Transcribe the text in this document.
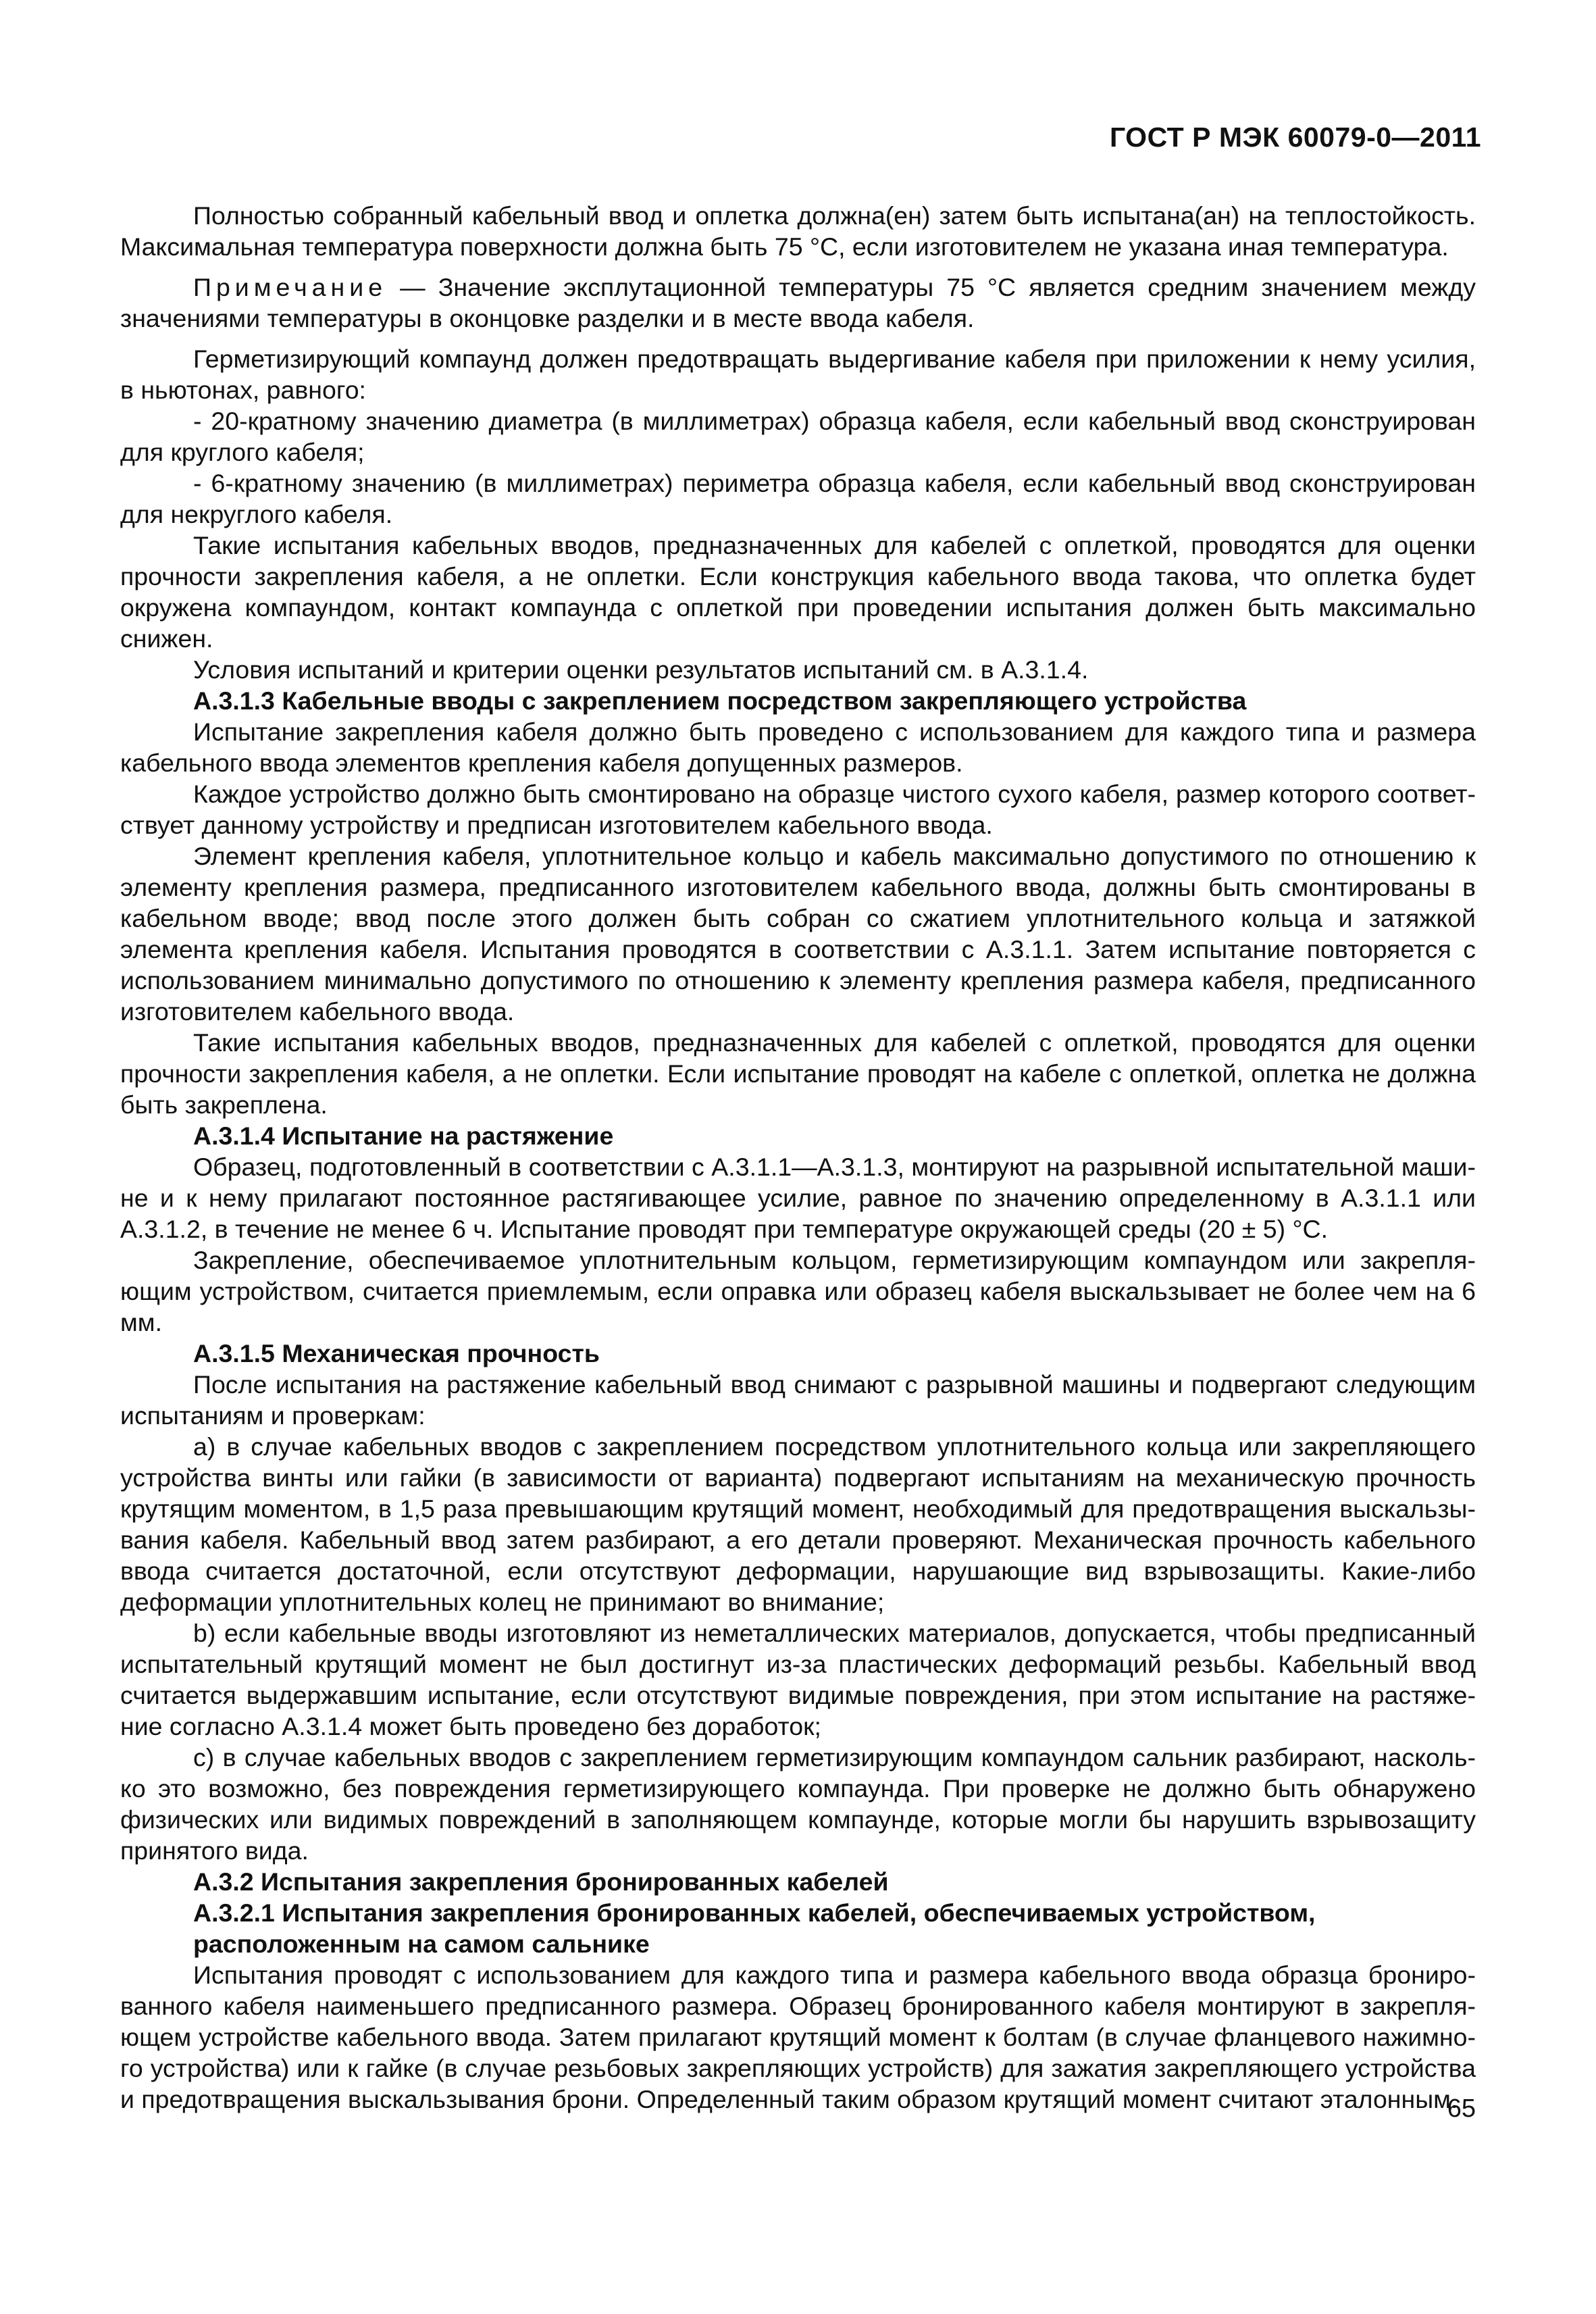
ГОСТ Р МЭК 60079-0—2011

Полностью собранный кабельный ввод и оплетка должна(ен) затем быть испытана(ан) на теплостойкость. Максимальная температура поверхности должна быть 75 °С, если изготовителем не указана иная температура.

Примечание — Значение эксплутационной температуры 75 °С является средним значением между значениями температуры в оконцовке разделки и в месте ввода кабеля.

Герметизирующий компаунд должен предотвращать выдергивание кабеля при приложении к нему усилия, в ньютонах, равного:

- 20-кратному значению диаметра (в миллиметрах) образца кабеля, если кабельный ввод сконструирован для круглого кабеля;

- 6-кратному значению (в миллиметрах) периметра образца кабеля, если кабельный ввод сконструирован для некруглого кабеля.

Такие испытания кабельных вводов, предназначенных для кабелей с оплеткой, проводятся для оценки прочности закрепления кабеля, а не оплетки. Если конструкция кабельного ввода такова, что оплетка будет окружена компаундом, контакт компаунда с оплеткой при проведении испытания должен быть максимально снижен.

Условия испытаний и критерии оценки результатов испытаний см. в А.3.1.4.

А.3.1.3 Кабельные вводы с закреплением посредством закрепляющего устройства

Испытание закрепления кабеля должно быть проведено с использованием для каждого типа и размера кабельного ввода элементов крепления кабеля допущенных размеров.

Каждое устройство должно быть смонтировано на образце чистого сухого кабеля, размер которого соответствует данному устройству и предписан изготовителем кабельного ввода.

Элемент крепления кабеля, уплотнительное кольцо и кабель максимально допустимого по отношению к элементу крепления размера, предписанного изготовителем кабельного ввода, должны быть смонтированы в кабельном вводе; ввод после этого должен быть собран со сжатием уплотнительного кольца и затяжкой элемента крепления кабеля. Испытания проводятся в соответствии с А.3.1.1. Затем испытание повторяется с использованием минимально допустимого по отношению к элементу крепления размера кабеля, предписанного изготовителем кабельного ввода.

Такие испытания кабельных вводов, предназначенных для кабелей с оплеткой, проводятся для оценки прочности закрепления кабеля, а не оплетки. Если испытание проводят на кабеле с оплеткой, оплетка не должна быть закреплена.

А.3.1.4 Испытание на растяжение

Образец, подготовленный в соответствии с А.3.1.1—А.3.1.3, монтируют на разрывной испытательной машине и к нему прилагают постоянное растягивающее усилие, равное по значению определенному в А.3.1.1 или А.3.1.2, в течение не менее 6 ч. Испытание проводят при температуре окружающей среды (20 ± 5) °С.

Закрепление, обеспечиваемое уплотнительным кольцом, герметизирующим компаундом или закрепляющим устройством, считается приемлемым, если оправка или образец кабеля выскальзывает не более чем на 6 мм.

А.3.1.5 Механическая прочность

После испытания на растяжение кабельный ввод снимают с разрывной машины и подвергают следующим испытаниям и проверкам:

а) в случае кабельных вводов с закреплением посредством уплотнительного кольца или закрепляющего устройства винты или гайки (в зависимости от варианта) подвергают испытаниям на механическую прочность крутящим моментом, в 1,5 раза превышающим крутящий момент, необходимый для предотвращения выскальзывания кабеля. Кабельный ввод затем разбирают, а его детали проверяют. Механическая прочность кабельного ввода считается достаточной, если отсутствуют деформации, нарушающие вид взрывозащиты. Какие-либо деформации уплотнительных колец не принимают во внимание;

b) если кабельные вводы изготовляют из неметаллических материалов, допускается, чтобы предписанный испытательный крутящий момент не был достигнут из-за пластических деформаций резьбы. Кабельный ввод считается выдержавшим испытание, если отсутствуют видимые повреждения, при этом испытание на растяжение согласно А.3.1.4 может быть проведено без доработок;

с) в случае кабельных вводов с закреплением герметизирующим компаундом сальник разбирают, насколько это возможно, без повреждения герметизирующего компаунда. При проверке не должно быть обнаружено физических или видимых повреждений в заполняющем компаунде, которые могли бы нарушить взрывозащиту принятого вида.

А.3.2 Испытания закрепления бронированных кабелей

А.3.2.1 Испытания закрепления бронированных кабелей, обеспечиваемых устройством,
расположенным на самом сальнике

Испытания проводят с использованием для каждого типа и размера кабельного ввода образца бронированного кабеля наименьшего предписанного размера. Образец бронированного кабеля монтируют в закрепляющем устройстве кабельного ввода. Затем прилагают крутящий момент к болтам (в случае фланцевого нажимного устройства) или к гайке (в случае резьбовых закрепляющих устройств) для зажатия закрепляющего устройства и предотвращения выскальзывания брони. Определенный таким образом крутящий момент считают эталонным.

65
